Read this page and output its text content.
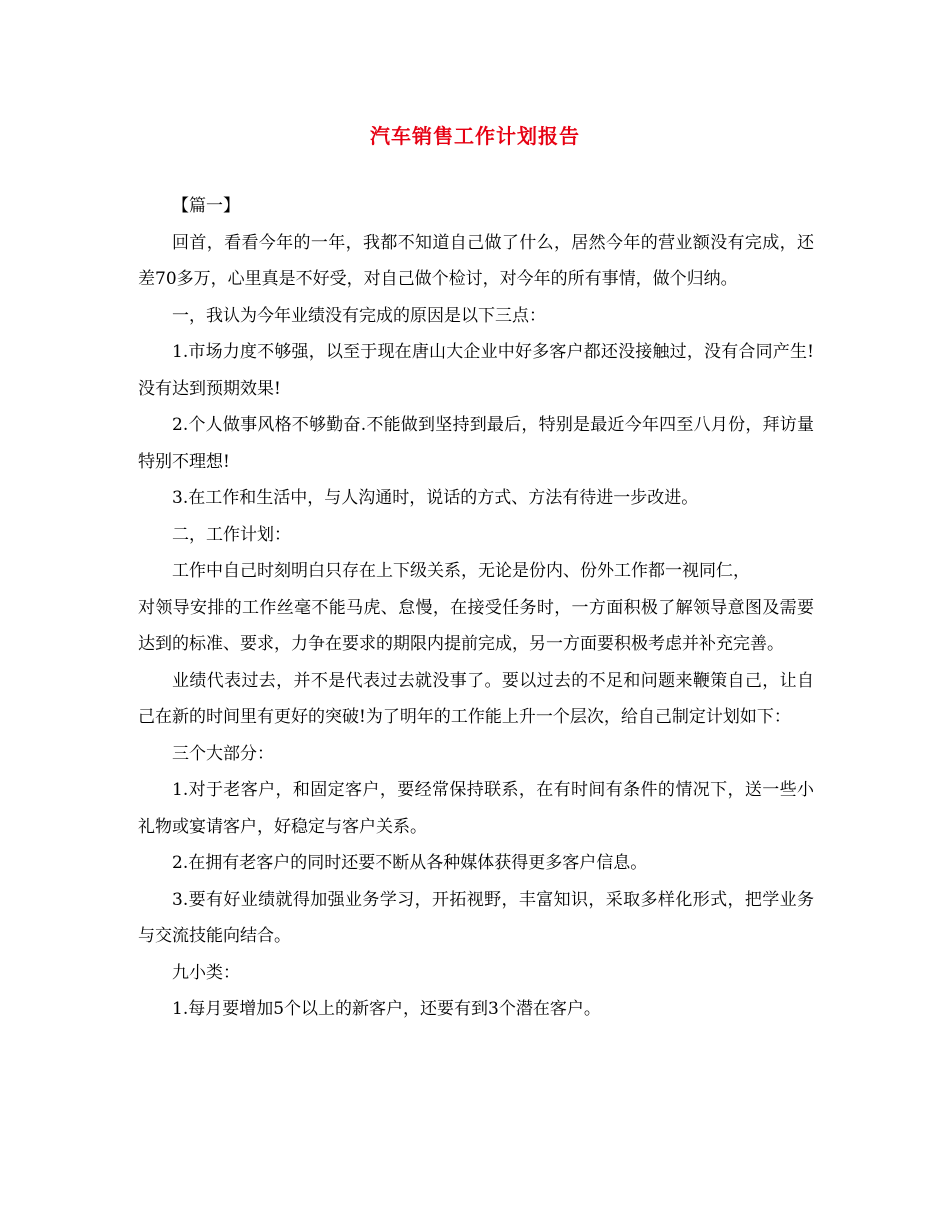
汽车销售工作计划报告

【篇一】

回首，看看今年的一年，我都不知道自己做了什么，居然今年的营业额没有完成，还差70多万，心里真是不好受，对自己做个检讨，对今年的所有事情，做个归纳。

一，我认为今年业绩没有完成的原因是以下三点：

1.市场力度不够强，以至于现在唐山大企业中好多客户都还没接触过，没有合同产生!没有达到预期效果!

2.个人做事风格不够勤奋.不能做到坚持到最后，特别是最近今年四至八月份，拜访量特别不理想!

3.在工作和生活中，与人沟通时，说话的方式、方法有待进一步改进。

二，工作计划：

工作中自己时刻明白只存在上下级关系，无论是份内、份外工作都一视同仁，

对领导安排的工作丝毫不能马虎、怠慢，在接受任务时，一方面积极了解领导意图及需要达到的标准、要求，力争在要求的期限内提前完成，另一方面要积极考虑并补充完善。

业绩代表过去，并不是代表过去就没事了。要以过去的不足和问题来鞭策自己，让自己在新的时间里有更好的突破!为了明年的工作能上升一个层次，给自己制定计划如下：

三个大部分：

1.对于老客户，和固定客户，要经常保持联系，在有时间有条件的情况下，送一些小礼物或宴请客户，好稳定与客户关系。

2.在拥有老客户的同时还要不断从各种媒体获得更多客户信息。

3.要有好业绩就得加强业务学习，开拓视野，丰富知识，采取多样化形式，把学业务与交流技能向结合。

九小类：

1.每月要增加5个以上的新客户，还要有到3个潜在客户。
